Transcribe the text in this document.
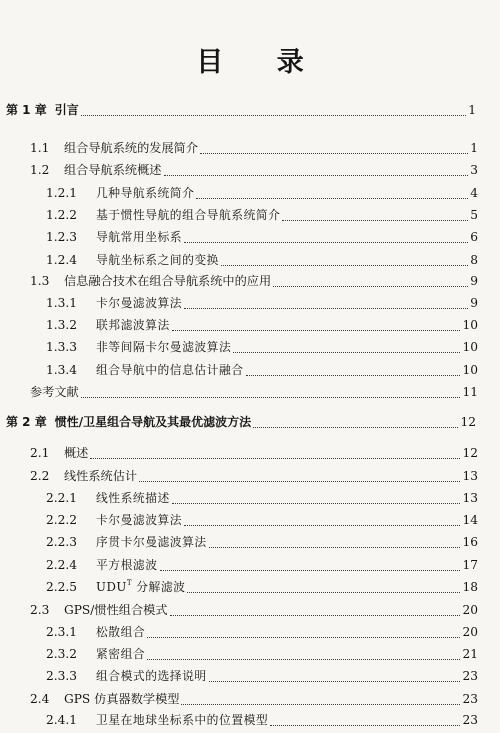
目 录
第 1 章 引言	1
1.1	组合导航系统的发展简介	1
1.2	组合导航系统概述	3
1.2.1	几种导航系统简介	4
1.2.2	基于惯性导航的组合导航系统简介	5
1.2.3	导航常用坐标系	6
1.2.4	导航坐标系之间的变换	8
1.3	信息融合技术在组合导航系统中的应用	9
1.3.1	卡尔曼滤波算法	9
1.3.2	联邦滤波算法	10
1.3.3	非等间隔卡尔曼滤波算法	10
1.3.4	组合导航中的信息估计融合	10
参考文献	11
第 2 章 惯性/卫星组合导航及其最优滤波方法	12
2.1	概述	12
2.2	线性系统估计	13
2.2.1	线性系统描述	13
2.2.2	卡尔曼滤波算法	14
2.2.3	序贯卡尔曼滤波算法	16
2.2.4	平方根滤波	17
2.2.5	$UDU^T$ 分解滤波	18
2.3	GPS/惯性组合模式	20
2.3.1	松散组合	20
2.3.2	紧密组合	21
2.3.3	组合模式的选择说明	23
2.4	GPS 仿真器数学模型	23
2.4.1	卫星在地球坐标系中的位置模型	23
